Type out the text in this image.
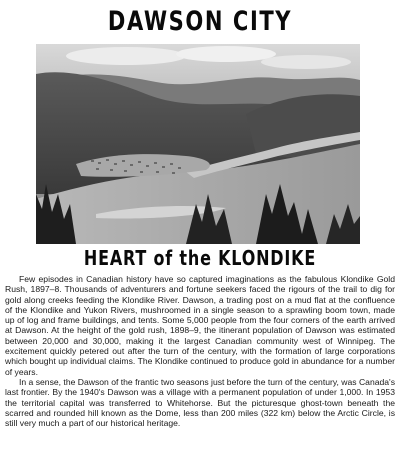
DAWSON CITY
HEART of the KLONDIKE

Few episodes in Canadian history have so captured imaginations as the fabulous Klondike Gold Rush, 1897–8. Thousands of adventurers and fortune seekers faced the rigours of the trail to dig for gold along creeks feeding the Klondike River. Dawson, a trading post on a mud flat at the confluence of the Klondike and Yukon Rivers, mushroomed in a single season to a sprawling boom town, made up of log and frame buildings, and tents. Some 5,000 people from the four corners of the earth arrived at Dawson. At the height of the gold rush, 1898–9, the itinerant population of Dawson was estimated between 20,000 and 30,000, making it the largest Canadian community west of Winnipeg. The excitement quickly petered out after the turn of the century, with the formation of large corporations which bought up individual claims. The Klondike continued to produce gold in abundance for a number of years.

In a sense, the Dawson of the frantic two seasons just before the turn of the century, was Canada's last frontier. By the 1940's Dawson was a village with a permanent population of under 1,000. In 1953 the territorial capital was transferred to Whitehorse. But the picturesque ghost-town beneath the scarred and rounded hill known as the Dome, less than 200 miles (322 km) below the Arctic Circle, is still very much a part of our historical heritage.
